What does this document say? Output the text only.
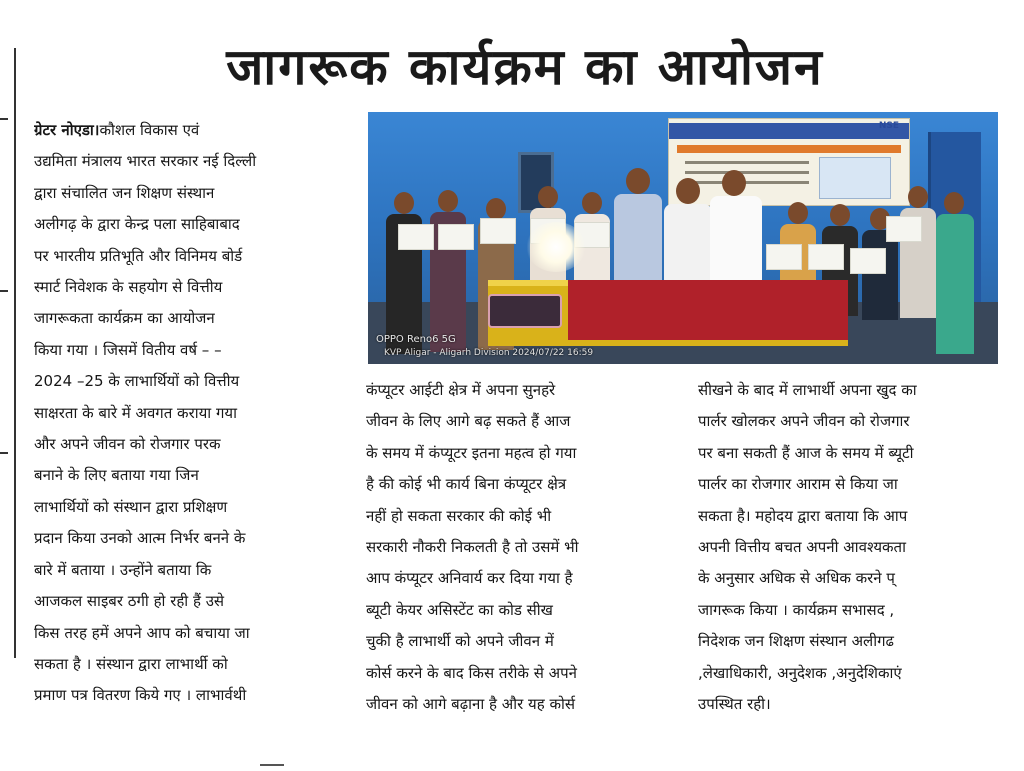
जागरूक कार्यक्रम का आयोजन
ग्रेटर नोएडा।कौशल विकास एवं
उद्यमिता मंत्रालय भारत सरकार नई दिल्ली
द्वारा संचालित जन शिक्षण संस्थान
अलीगढ़ के द्वारा केन्द्र पला साहिबाबाद
पर भारतीय प्रतिभूति और विनिमय बोर्ड
स्मार्ट निवेशक के सहयोग से वित्तीय
जागरूकता कार्यक्रम का आयोजन
किया गया । जिसमें वितीय वर्ष – –
2024 –25 के लाभार्थियों को वित्तीय
साक्षरता के बारे में अवगत कराया गया
और अपने जीवन को रोजगार परक
बनाने के लिए बताया गया जिन
लाभार्थियों को संस्थान द्वारा प्रशिक्षण
प्रदान किया उनको आत्म निर्भर बनने के
बारे में बताया । उन्होंने बताया कि
आजकल साइबर ठगी हो रही हैं उसे
किस तरह हमें अपने आप को बचाया जा
सकता है । संस्थान द्वारा लाभार्थी को
प्रमाण पत्र वितरण किये गए । लाभार्वथी
NSE
OPPO Reno6 5G
KVP Aligar - Aligarh Division 2024/07/22 16:59
कंप्यूटर आईटी क्षेत्र में अपना सुनहरे
जीवन के लिए आगे बढ़ सकते हैं आज
के समय में कंप्यूटर इतना महत्व हो गया
है की कोई भी कार्य बिना कंप्यूटर क्षेत्र
नहीं हो सकता सरकार की कोई भी
सरकारी नौकरी निकलती है तो उसमें भी
आप कंप्यूटर अनिवार्य कर दिया गया है
ब्यूटी केयर असिस्टेंट का कोड सीख
चुकी है लाभार्थी को अपने जीवन में
कोर्स करने के बाद किस तरीके से अपने
जीवन को आगे बढ़ाना है और यह कोर्स
सीखने के बाद में लाभार्थी अपना खुद का
पार्लर खोलकर अपने जीवन को रोजगार
पर बना सकती हैं आज के समय में ब्यूटी
पार्लर का रोजगार आराम से किया जा
सकता है। महोदय द्वारा बताया कि आप
अपनी वित्तीय बचत अपनी आवश्यकता
के अनुसार अधिक से अधिक करने प्
जागरूक किया । कार्यक्रम सभासद ,
निदेशक जन शिक्षण संस्थान अलीगढ
,लेखाधिकारी, अनुदेशक ,अनुदेशिकाएं
उपस्थित रही।
